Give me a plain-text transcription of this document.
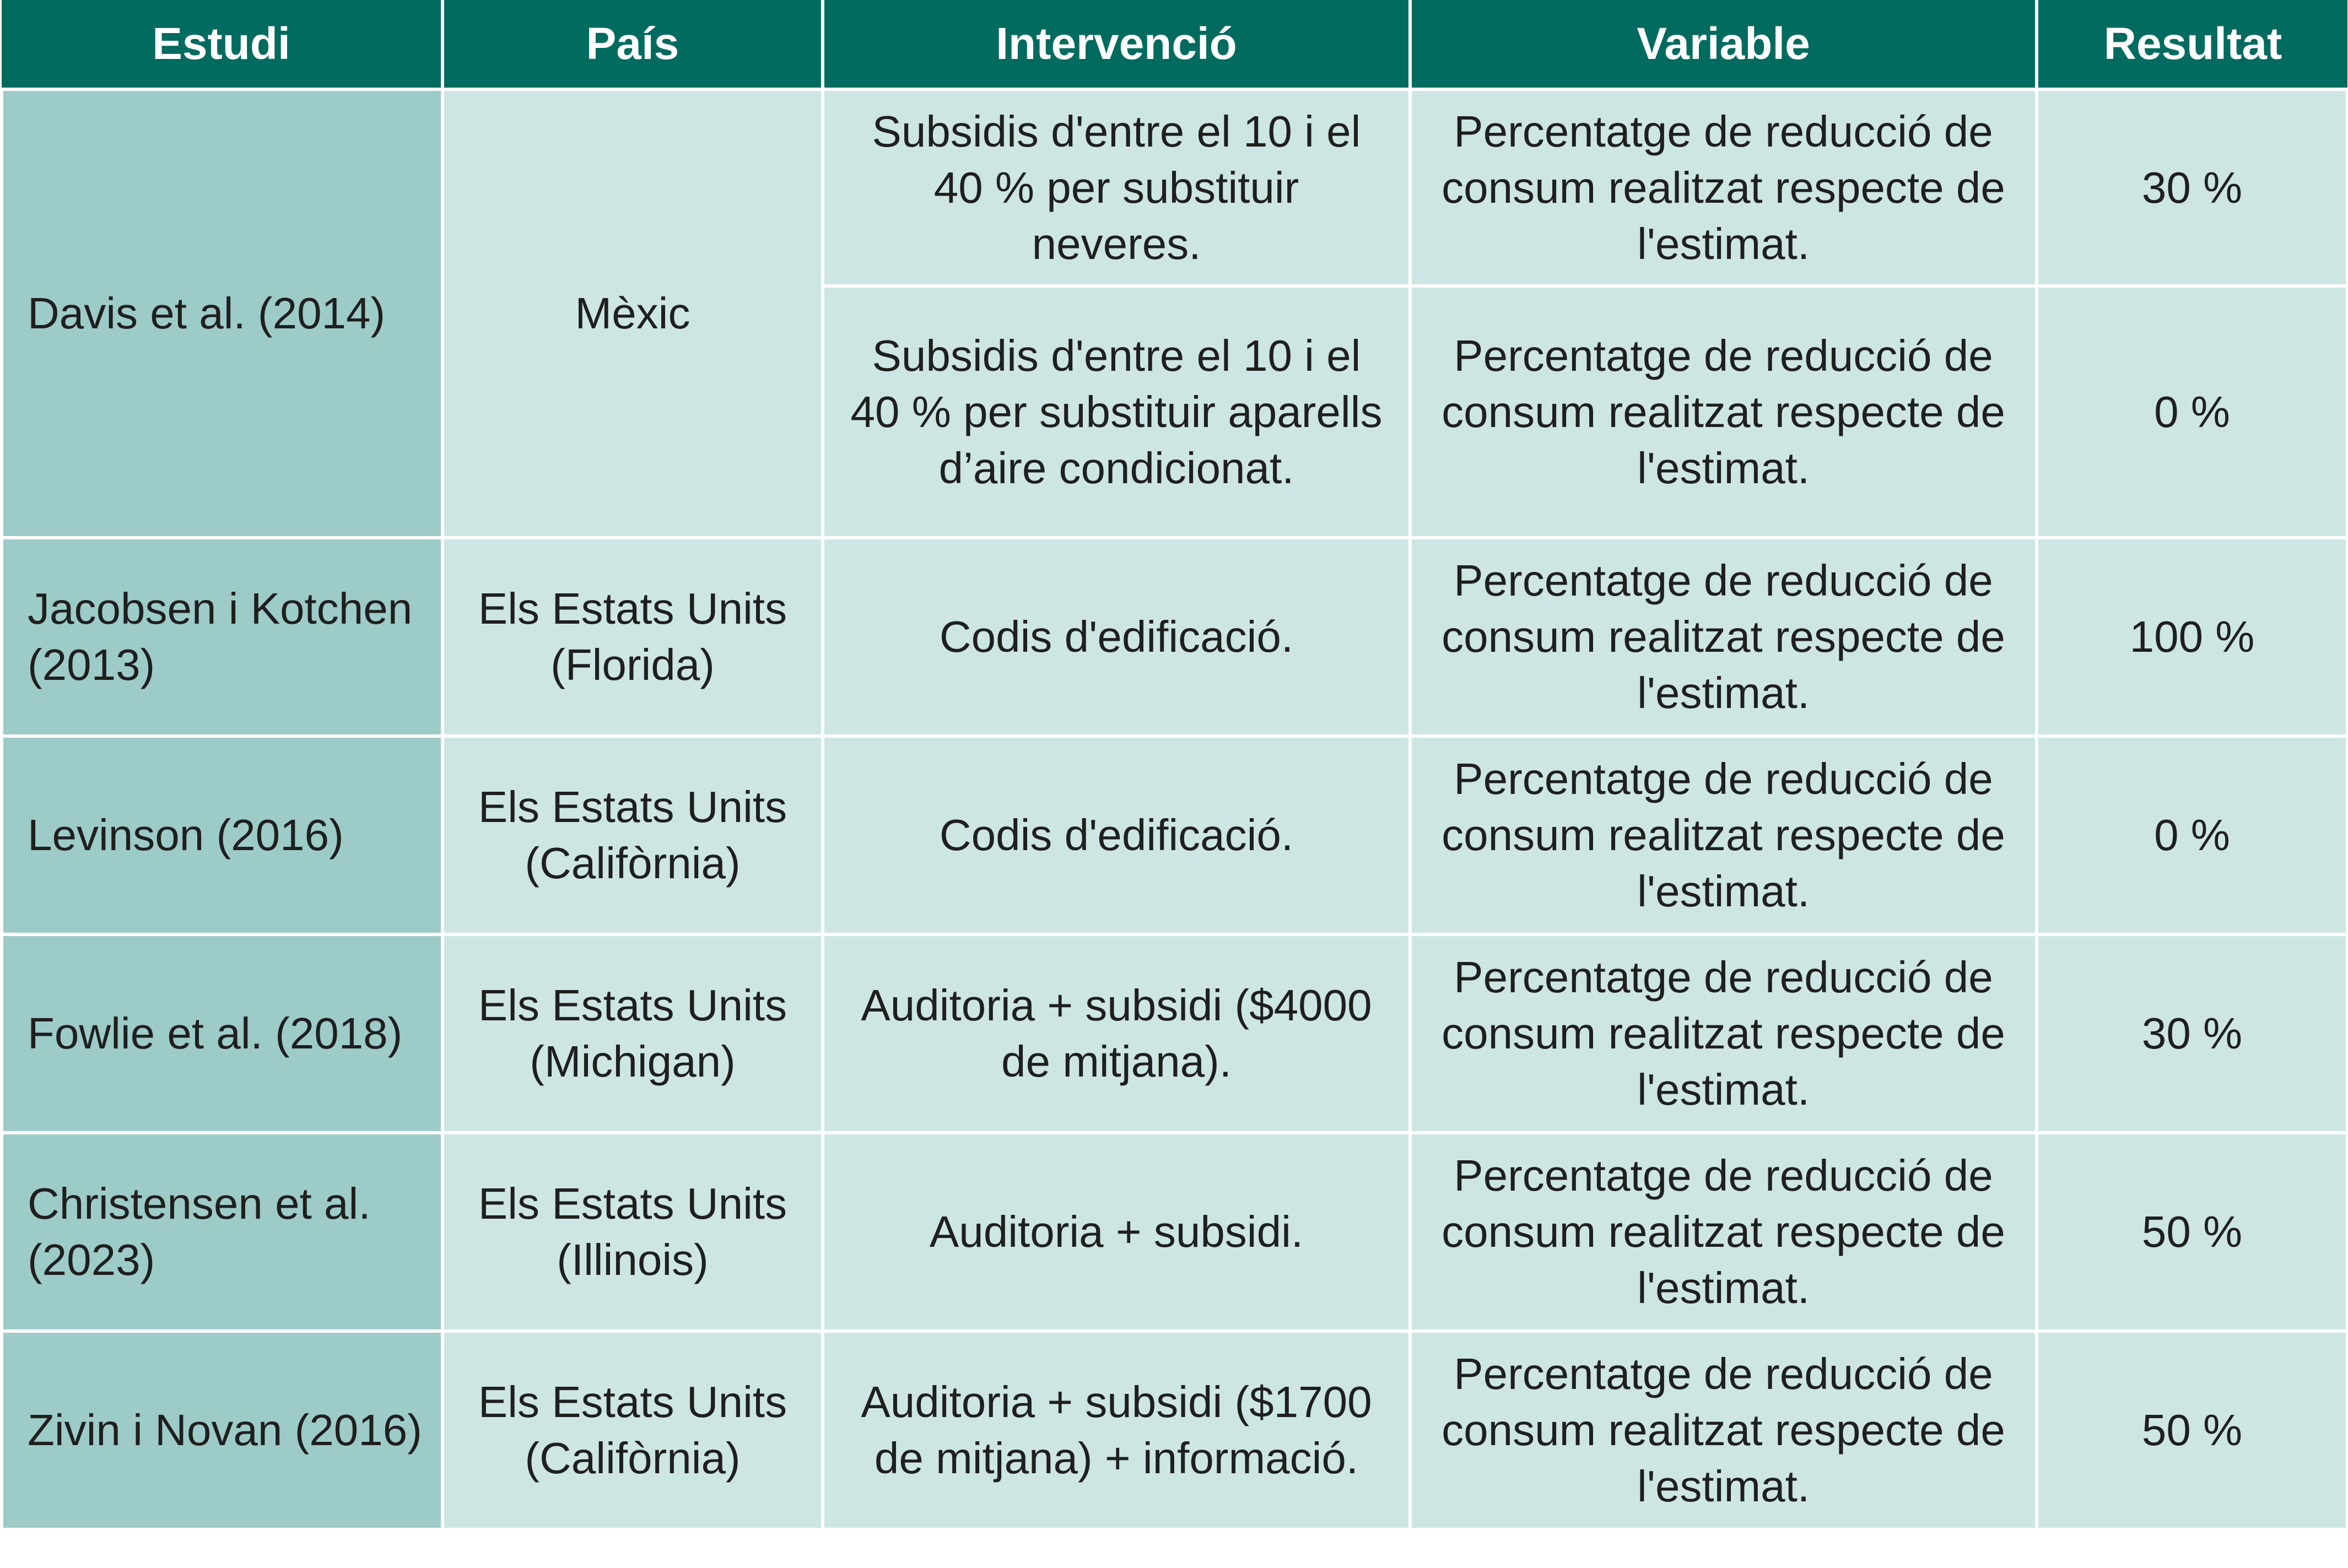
Estudi	País	Intervenció	Variable	Resultat
Davis et al. (2014)	Mèxic	Subsidis d'entre el 10 i el 40 % per substituir neveres.	Percentatge de reducció de consum realitzat respecte de l'estimat.	30 %
		Subsidis d'entre el 10 i el 40 % per substituir aparells d’aire condicionat.	Percentatge de reducció de consum realitzat respecte de l'estimat.	0 %
Jacobsen i Kotchen (2013)	Els Estats Units (Florida)	Codis d'edificació.	Percentatge de reducció de consum realitzat respecte de l'estimat.	100 %
Levinson (2016)	Els Estats Units (Califòrnia)	Codis d'edificació.	Percentatge de reducció de consum realitzat respecte de l'estimat.	0 %
Fowlie et al. (2018)	Els Estats Units (Michigan)	Auditoria + subsidi ($4000 de mitjana).	Percentatge de reducció de consum realitzat respecte de l'estimat.	30 %
Christensen et al. (2023)	Els Estats Units (Illinois)	Auditoria + subsidi.	Percentatge de reducció de consum realitzat respecte de l'estimat.	50 %
Zivin i Novan (2016)	Els Estats Units (Califòrnia)	Auditoria + subsidi ($1700 de mitjana) + informació.	Percentatge de reducció de consum realitzat respecte de l'estimat.	50 %
